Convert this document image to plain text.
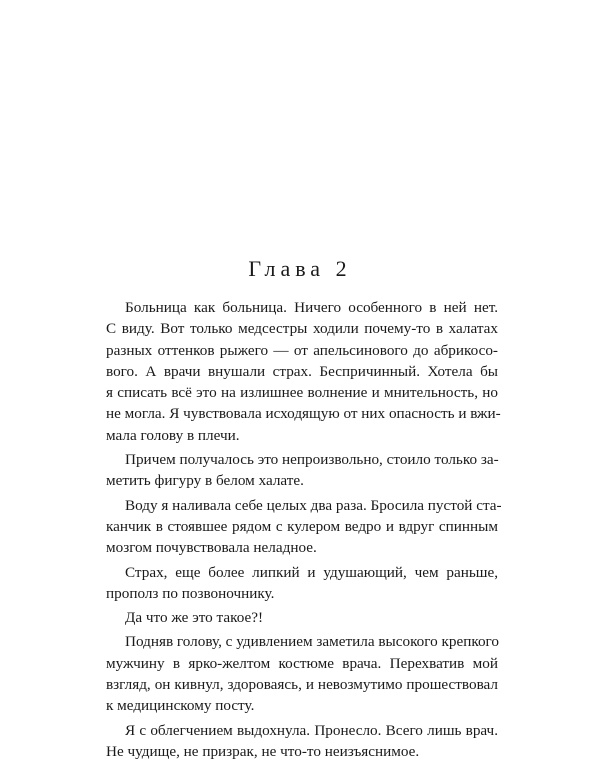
Глава 2
Больница как больница. Ничего особенного в ней нет.
С виду. Вот только медсестры ходили почему-то в халатах
разных оттенков рыжего — от апельсинового до абрикосо-
вого. А врачи внушали страх. Беспричинный. Хотела бы
я списать всё это на излишнее волнение и мнительность, но
не могла. Я чувствовала исходящую от них опасность и вжи-
мала голову в плечи.
Причем получалось это непроизвольно, стоило только за-
метить фигуру в белом халате.
Воду я наливала себе целых два раза. Бросила пустой ста-
канчик в стоявшее рядом с кулером ведро и вдруг спинным
мозгом почувствовала неладное.
Страх, еще более липкий и удушающий, чем раньше,
прополз по позвоночнику.
Да что же это такое?!
Подняв голову, с удивлением заметила высокого крепкого
мужчину в ярко-желтом костюме врача. Перехватив мой
взгляд, он кивнул, здороваясь, и невозмутимо прошествовал
к медицинскому посту.
Я с облегчением выдохнула. Пронесло. Всего лишь врач.
Не чудище, не призрак, не что-то неизъяснимое.
